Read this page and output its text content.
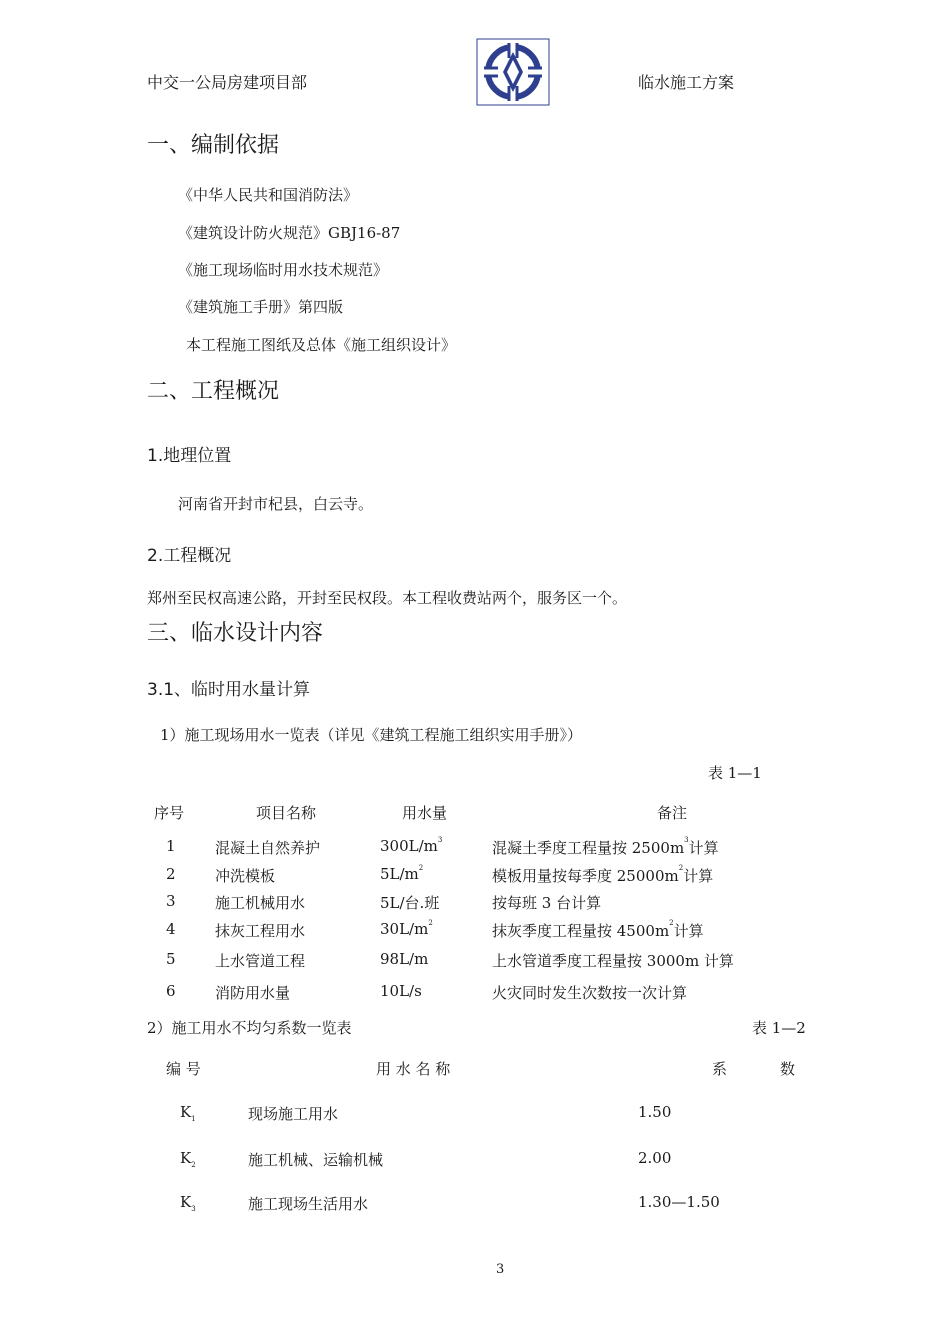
中交一公局房建项目部	临水施工方案
一、编制依据
《中华人民共和国消防法》
《建筑设计防火规范》GBJ16-87
《施工现场临时用水技术规范》
《建筑施工手册》第四版
本工程施工图纸及总体《施工组织设计》
二、工程概况
1.地理位置
河南省开封市杞县，白云寺。
2.工程概况
郑州至民权高速公路，开封至民权段。本工程收费站两个，服务区一个。
三、临水设计内容
3.1、临时用水量计算
1）施工现场用水一览表（详见《建筑工程施工组织实用手册》）
表 1—1
序号	项目名称	用水量	备注
1	混凝土自然养护	$300L/m^3$	混凝土季度工程量按 $2500m^3$计算
2	冲洗模板	$5L/m^2$	模板用量按每季度 $25000m^2$计算
3	施工机械用水	5L/台.班	按每班 3 台计算
4	抹灰工程用水	$30L/m^2$	抹灰季度工程量按 $4500m^2$计算
5	上水管道工程	98L/m	上水管道季度工程量按 3000m 计算
6	消防用水量	10L/s	火灾同时发生次数按一次计算
2）施工用水不均匀系数一览表	表 1—2
编 号	用 水 名 称	系	数
$K_1$	现场施工用水	1.50
$K_2$	施工机械、运输机械	2.00
$K_3$	施工现场生活用水	1.30—1.50
3
